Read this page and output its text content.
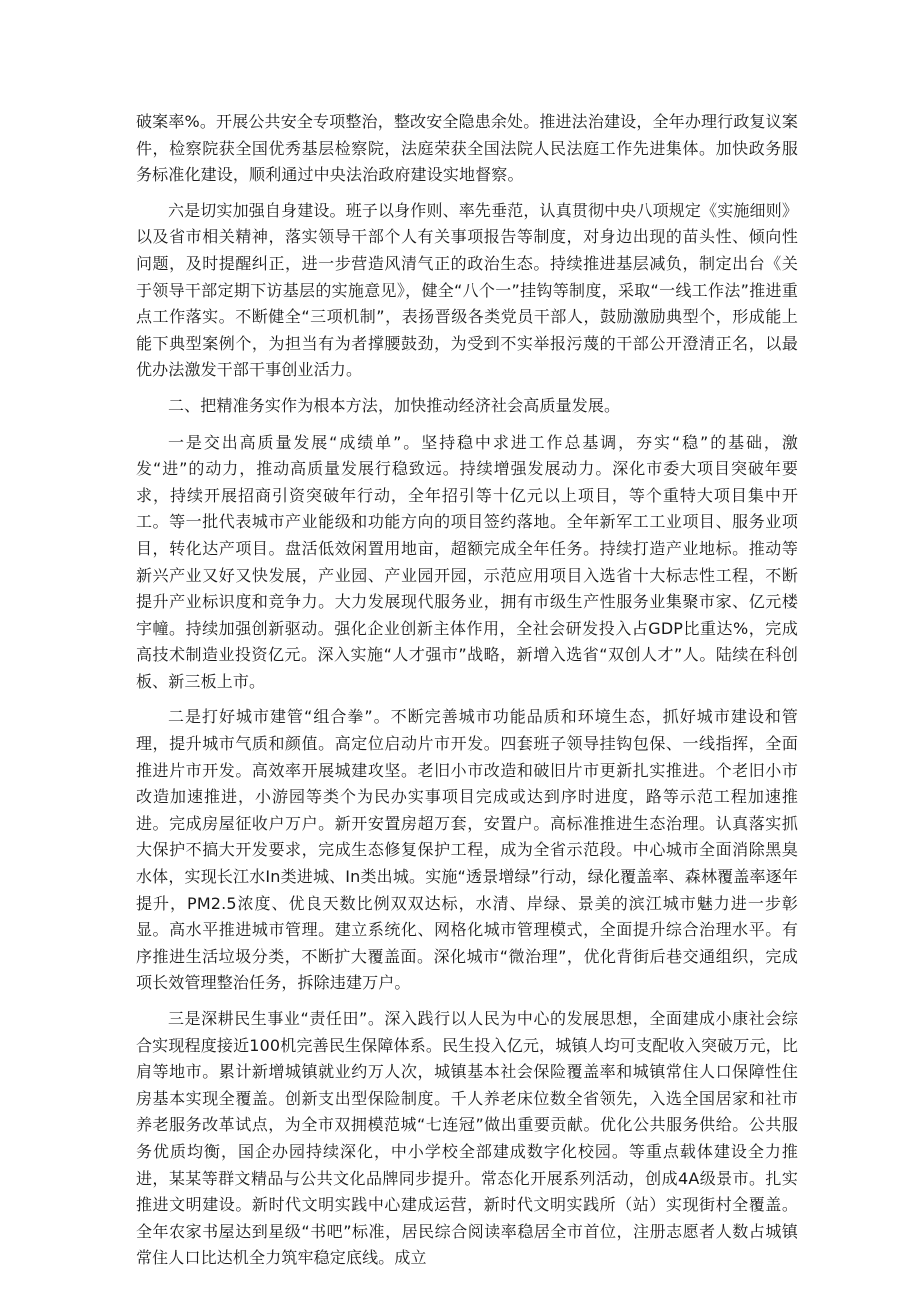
破案率%。开展公共安全专项整治，整改安全隐患余处。推进法治建设，全年办理行政复议案件，检察院获全国优秀基层检察院，法庭荣获全国法院人民法庭工作先进集体。加快政务服务标准化建设，顺利通过中央法治政府建设实地督察。

六是切实加强自身建设。班子以身作则、率先垂范，认真贯彻中央八项规定《实施细则》以及省市相关精神，落实领导干部个人有关事项报告等制度，对身边出现的苗头性、倾向性问题，及时提醒纠正，进一步营造风清气正的政治生态。持续推进基层减负，制定出台《关于领导干部定期下访基层的实施意见》，健全“八个一”挂钩等制度，采取“一线工作法”推进重点工作落实。不断健全“三项机制”，表扬晋级各类党员干部人，鼓励激励典型个，形成能上能下典型案例个，为担当有为者撑腰鼓劲，为受到不实举报污蔑的干部公开澄清正名，以最优办法激发干部干事创业活力。

二、把精准务实作为根本方法，加快推动经济社会高质量发展。

一是交出高质量发展“成绩单”。坚持稳中求进工作总基调，夯实“稳”的基础，激发“进”的动力，推动高质量发展行稳致远。持续增强发展动力。深化市委大项目突破年要求，持续开展招商引资突破年行动，全年招引等十亿元以上项目，等个重特大项目集中开工。等一批代表城市产业能级和功能方向的项目签约落地。全年新军工工业项目、服务业项目，转化达产项目。盘活低效闲置用地亩，超额完成全年任务。持续打造产业地标。推动等新兴产业又好又快发展，产业园、产业园开园，示范应用项目入选省十大标志性工程，不断提升产业标识度和竞争力。大力发展现代服务业，拥有市级生产性服务业集聚市家、亿元楼宇幢。持续加强创新驱动。强化企业创新主体作用，全社会研发投入占GDP比重达%，完成高技术制造业投资亿元。深入实施“人才强市”战略，新增入选省“双创人才”人。陆续在科创板、新三板上市。

二是打好城市建管“组合拳”。不断完善城市功能品质和环境生态，抓好城市建设和管理，提升城市气质和颜值。高定位启动片市开发。四套班子领导挂钩包保、一线指挥，全面推进片市开发。高效率开展城建攻坚。老旧小市改造和破旧片市更新扎实推进。个老旧小市改造加速推进，小游园等类个为民办实事项目完成或达到序时进度，路等示范工程加速推进。完成房屋征收户万户。新开安置房超万套，安置户。高标准推进生态治理。认真落实抓大保护不搞大开发要求，完成生态修复保护工程，成为全省示范段。中心城市全面消除黑臭水体，实现长江水In类进城、In类出城。实施“透景增绿”行动，绿化覆盖率、森林覆盖率逐年提升，PM2.5浓度、优良天数比例双双达标，水清、岸绿、景美的滨江城市魅力进一步彰显。高水平推进城市管理。建立系统化、网格化城市管理模式，全面提升综合治理水平。有序推进生活垃圾分类，不断扩大覆盖面。深化城市“微治理”，优化背街后巷交通组织，完成项长效管理整治任务，拆除违建万户。

三是深耕民生事业“责任田”。深入践行以人民为中心的发展思想，全面建成小康社会综合实现程度接近100机完善民生保障体系。民生投入亿元，城镇人均可支配收入突破万元，比肩等地市。累计新增城镇就业约万人次，城镇基本社会保险覆盖率和城镇常住人口保障性住房基本实现全覆盖。创新支出型保险制度。千人养老床位数全省领先，入选全国居家和社市养老服务改革试点，为全市双拥模范城“七连冠”做出重要贡献。优化公共服务供给。公共服务优质均衡，国企办园持续深化，中小学校全部建成数字化校园。等重点载体建设全力推进，某某等群文精品与公共文化品牌同步提升。常态化开展系列活动，创成4A级景市。扎实推进文明建设。新时代文明实践中心建成运营，新时代文明实践所（站）实现街村全覆盖。全年农家书屋达到星级“书吧”标准，居民综合阅读率稳居全市首位，注册志愿者人数占城镇常住人口比达机全力筑牢稳定底线。成立
